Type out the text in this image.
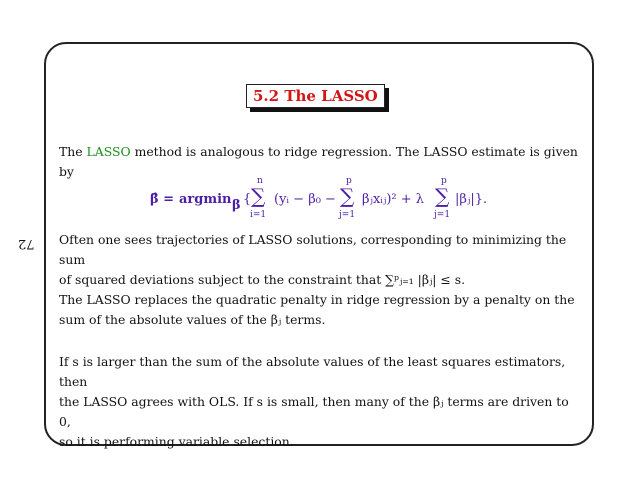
72
5.2 The LASSO
The LASSO method is analogous to ridge regression. The LASSO estimate is given by
β̂ = argmin β {
n
∑
i=1
(yᵢ − β₀ −
p
∑
j=1
βⱼxᵢⱼ)² + λ
p
∑
j=1
|βⱼ|}.
Often one sees trajectories of LASSO solutions, corresponding to minimizing the sum
of squared deviations subject to the constraint that ∑ᵖⱼ₌₁ |βⱼ| ≤ s.
The LASSO replaces the quadratic penalty in ridge regression by a penalty on the
sum of the absolute values of the βⱼ terms.
If s is larger than the sum of the absolute values of the least squares estimators, then
the LASSO agrees with OLS. If s is small, then many of the βⱼ terms are driven to 0,
so it is performing variable selection.
